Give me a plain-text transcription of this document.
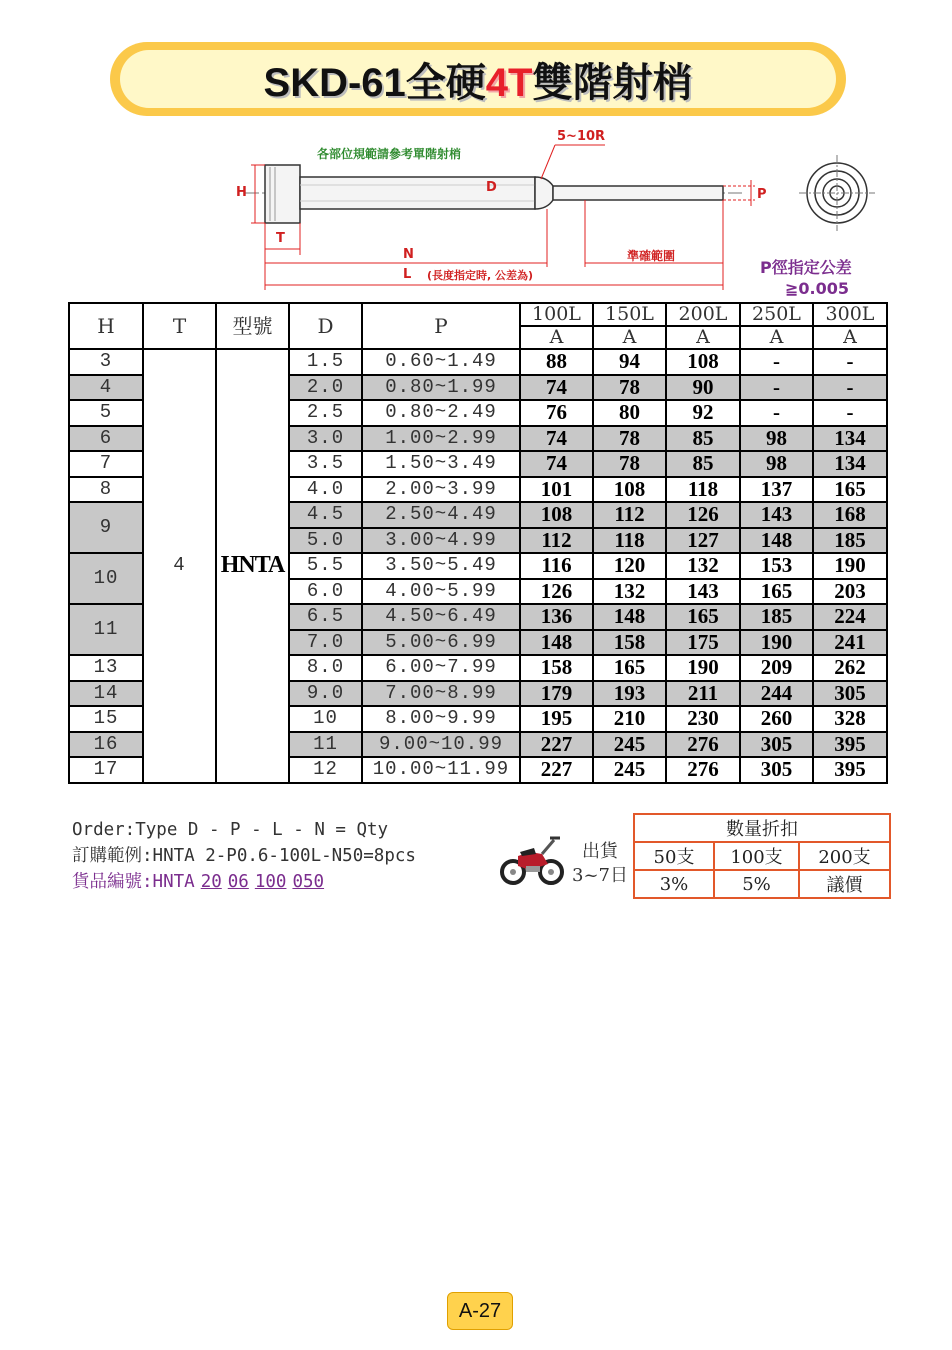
SKD-61全硬4T雙階射梢
各部位規範請參考單階射梢
5~10R
H
T
D	P
N
L (長度指定時, 公差為)
準確範圍
P徑指定公差
≧0.005
H	T	型號	D	P	100L	150L	200L	250L	300L
					A	A	A	A	A
3	4	HNTA	1.5	0.60~1.49	88	94	108	-	-
4			2.0	0.80~1.99	74	78	90	-	-
5			2.5	0.80~2.49	76	80	92	-	-
6			3.0	1.00~2.99	74	78	85	98	134
7			3.5	1.50~3.49	74	78	85	98	134
8			4.0	2.00~3.99	101	108	118	137	165
9			4.5	2.50~4.49	108	112	126	143	168
			5.0	3.00~4.99	112	118	127	148	185
10			5.5	3.50~5.49	116	120	132	153	190
			6.0	4.00~5.99	126	132	143	165	203
11			6.5	4.50~6.49	136	148	165	185	224
			7.0	5.00~6.99	148	158	175	190	241
13			8.0	6.00~7.99	158	165	190	209	262
14			9.0	7.00~8.99	179	193	211	244	305
15			10	8.00~9.99	195	210	230	260	328
16			11	9.00~10.99	227	245	276	305	395
17			12	10.00~11.99	227	245	276	305	395
Order:Type D - P - L - N = Qty
訂購範例:HNTA 2-P0.6-100L-N50=8pcs
貨品編號:HNTA 20 06 100 050
出貨
3~7日
數量折扣		
50支	100支	200支
3%	5%	議價
A-27
